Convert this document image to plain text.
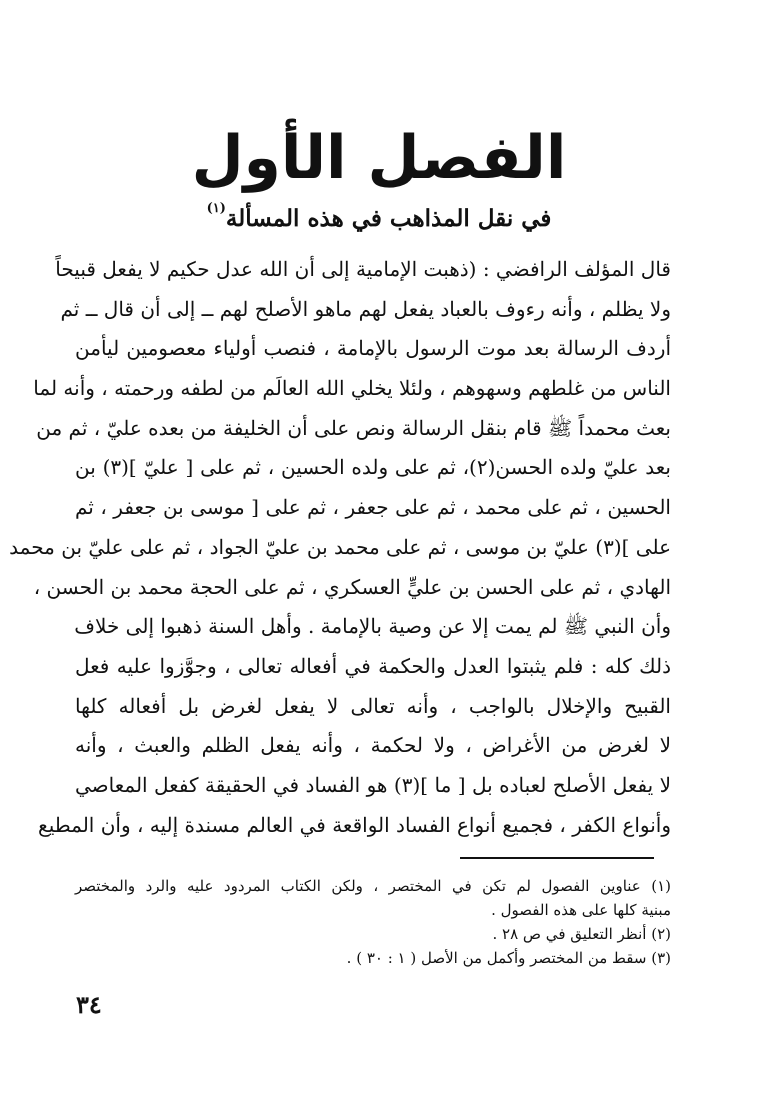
الفصل الأول
في نقل المذاهب في هذه المسألة$^{(١)}$
قال المؤلف الرافضي : (ذهبت الإمامية إلى أن الله عدل حكيم لا يفعل قبيحاً
ولا يظلم ، وأنه رءوف بالعباد يفعل لهم ماهو الأصلح لهم ــ إلى أن قال ــ ثم
أردف الرسالة بعد موت الرسول بالإمامة ، فنصب أولياء معصومين ليأمن
الناس من غلطهم وسهوهم ، ولئلا يخلي الله العالَم من لطفه ورحمته ، وأنه لما
بعث محمداً ﷺ قام بنقل الرسالة ونص على أن الخليفة من بعده عليّ ، ثم من
بعد عليّ ولده الحسن(٢)، ثم على ولده الحسين ، ثم على [ عليّ ](٣) بن
الحسين ، ثم على محمد ، ثم على جعفر ، ثم على [ موسى بن جعفر ، ثم
على ](٣) عليّ بن موسى ، ثم على محمد بن عليّ الجواد ، ثم على عليّ بن محمد
الهادي ، ثم على الحسن بن عليٍّ العسكري ، ثم على الحجة محمد بن الحسن ،
وأن النبي ﷺ لم يمت إلا عن وصية بالإمامة . وأهل السنة ذهبوا إلى خلاف
ذلك كله : فلم يثبتوا العدل والحكمة في أفعاله تعالى ، وجوَّزوا عليه فعل
القبيح والإخلال بالواجب ، وأنه تعالى لا يفعل لغرض بل أفعاله كلها
لا لغرض من الأغراض ، ولا لحكمة ، وأنه يفعل الظلم والعبث ، وأنه
لا يفعل الأصلح لعباده بل [ ما ](٣) هو الفساد في الحقيقة كفعل المعاصي
وأنواع الكفر ، فجميع أنواع الفساد الواقعة في العالم مسندة إليه ، وأن المطيع
(١) عناوين الفصول لم تكن في المختصر ، ولكن الكتاب المردود عليه والرد والمختصر
مبنية كلها على هذه الفصول .
(٢) أنظر التعليق في ص ٢٨ .
(٣) سقط من المختصر وأكمل من الأصل ( ١ : ٣٠ ) .
٣٤
